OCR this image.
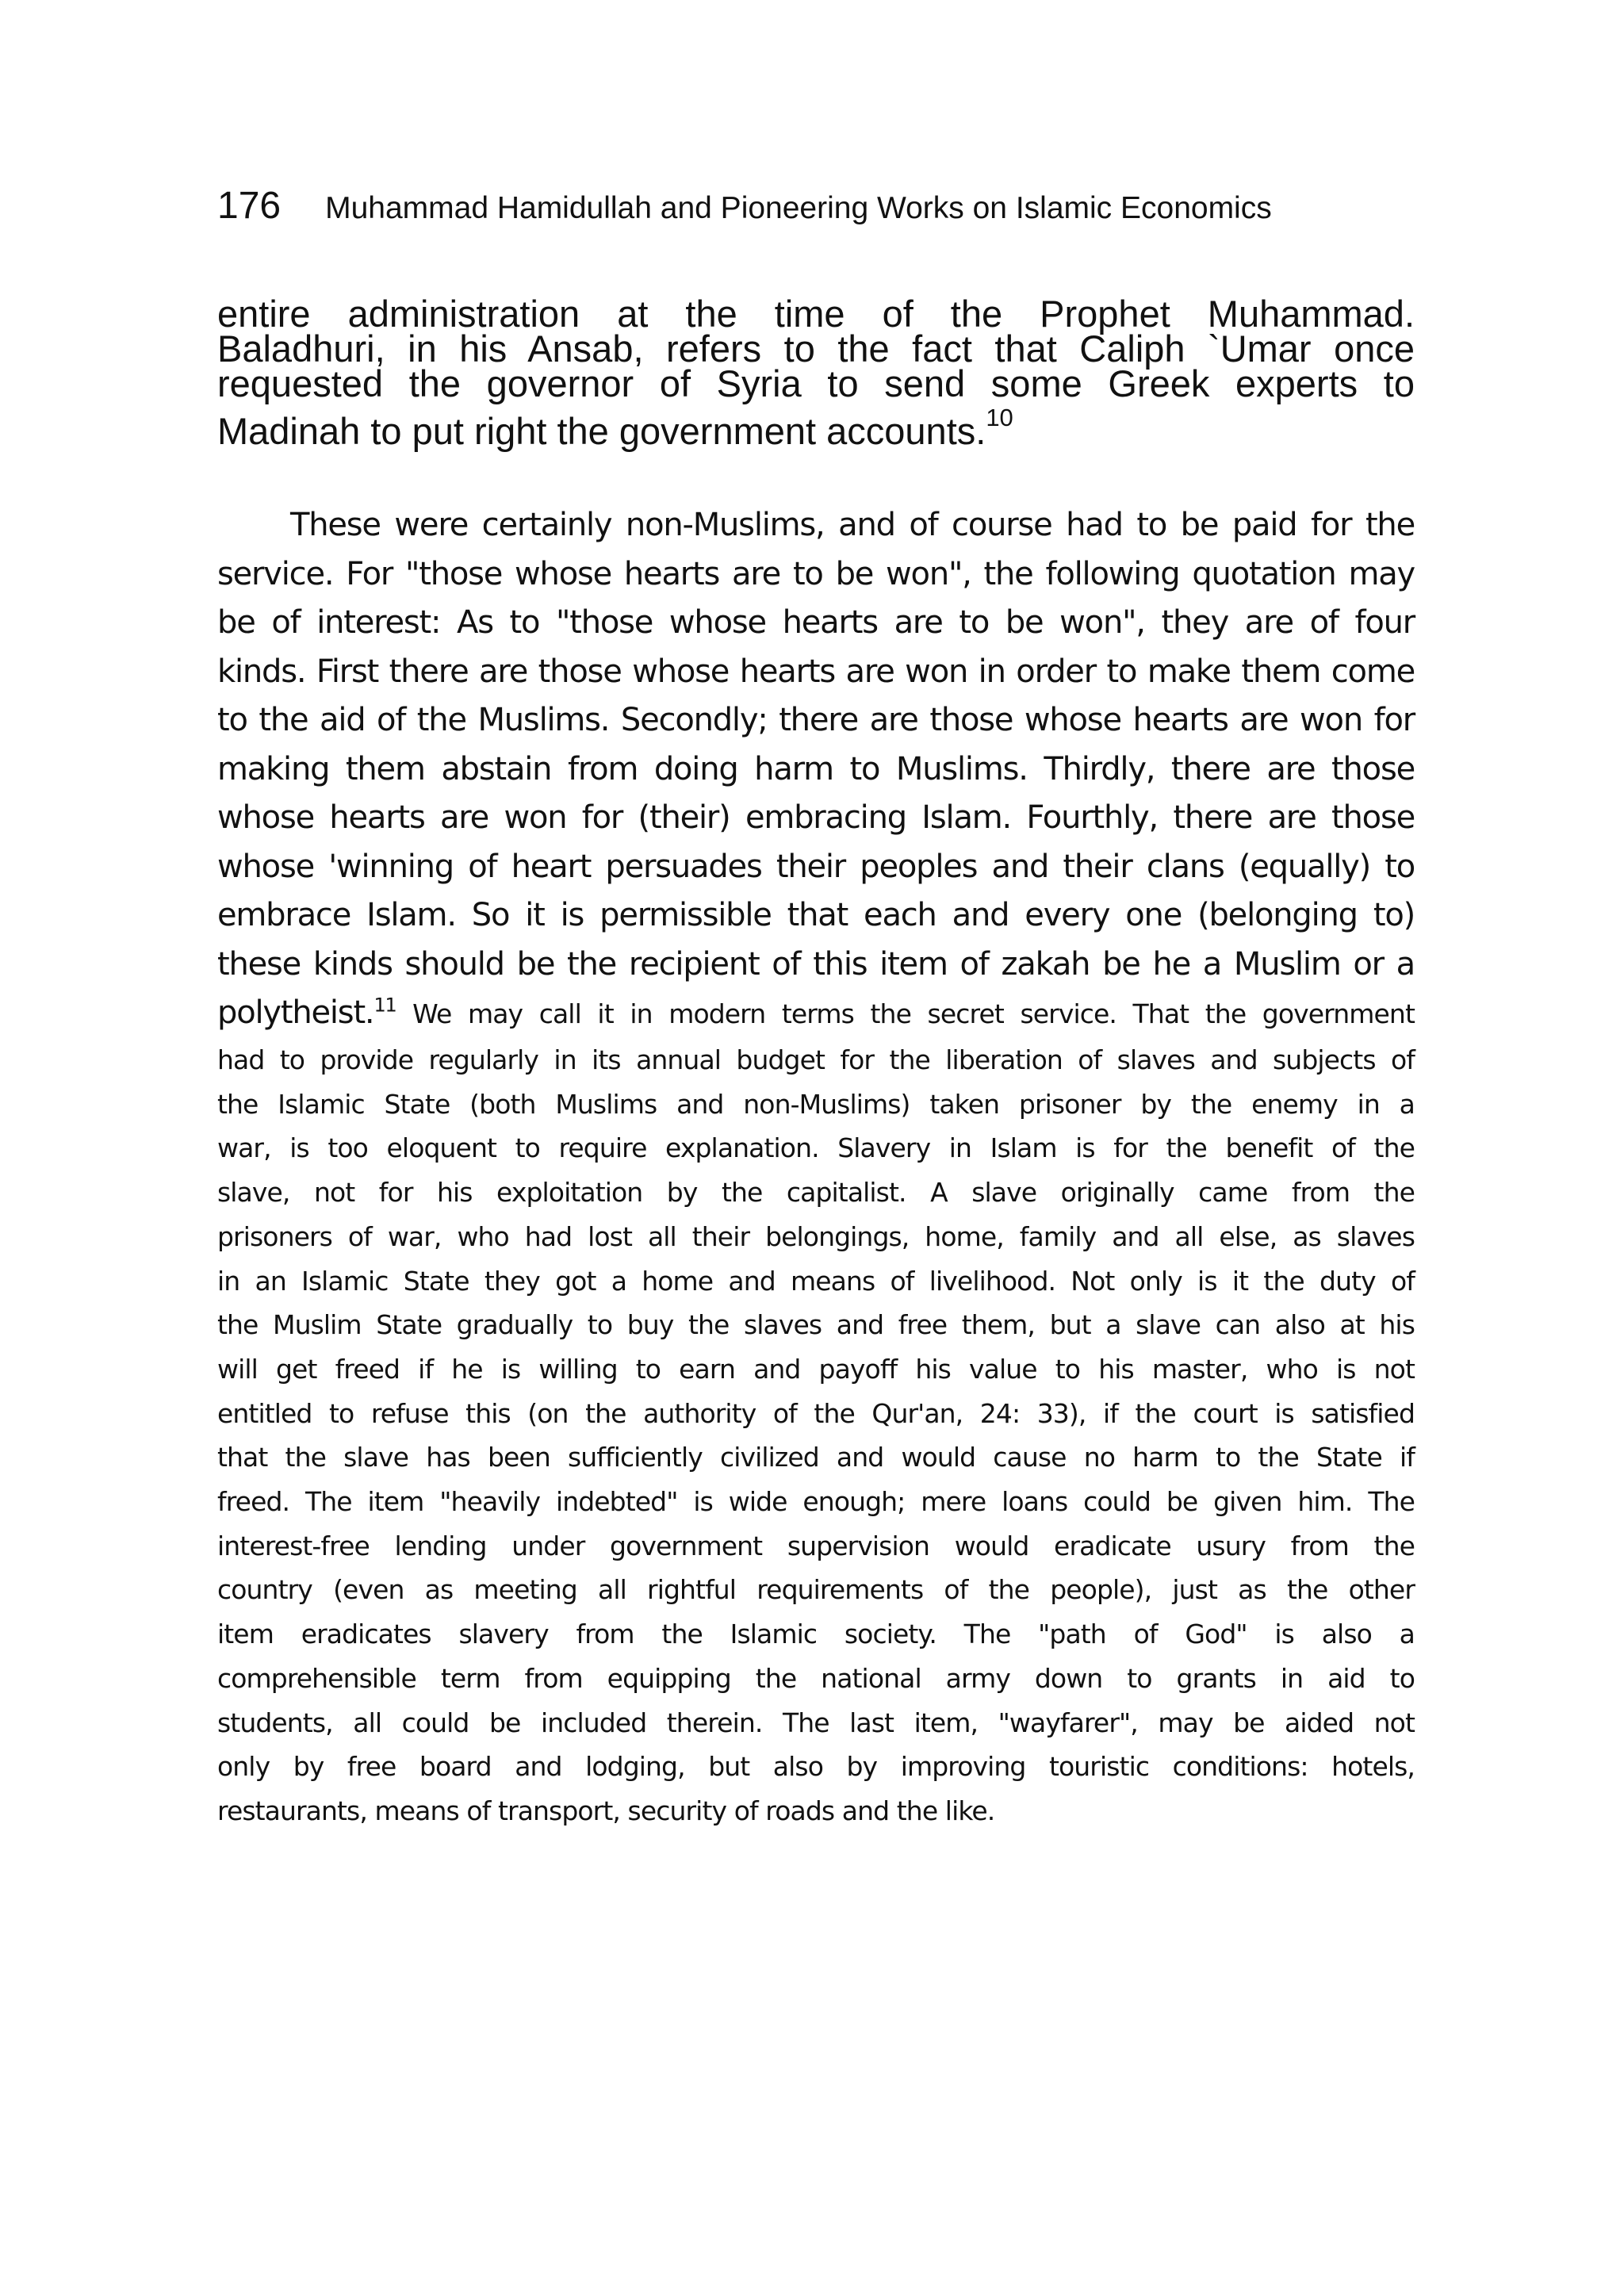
176 Muhammad Hamidullah and Pioneering Works on Islamic Economics
entire administration at the time of the Prophet Muhammad.
Baladhuri, in his Ansab, refers to the fact that Caliph `Umar once
requested the governor of Syria to send some Greek experts to
Madinah to put right the government accounts.$^{10}$
These were certainly non-Muslims, and of course had to be paid for the
service. For "those whose hearts are to be won", the following quotation may
be of interest: As to "those whose hearts are to be won", they are of four
kinds. First there are those whose hearts are won in order to make them come
to the aid of the Muslims. Secondly; there are those whose hearts are won for
making them abstain from doing harm to Muslims. Thirdly, there are those
whose hearts are won for (their) embracing Islam. Fourthly, there are those
whose 'winning of heart persuades their peoples and their clans (equally) to
embrace Islam. So it is permissible that each and every one (belonging to)
these kinds should be the recipient of this item of zakah be he a Muslim or a
polytheist.$^{11}$ We may call it in modern terms the secret service. That the government
had to provide regularly in its annual budget for the liberation of slaves and subjects of
the Islamic State (both Muslims and non-Muslims) taken prisoner by the enemy in a
war, is too eloquent to require explanation. Slavery in Islam is for the benefit of the
slave, not for his exploitation by the capitalist. A slave originally came from the
prisoners of war, who had lost all their belongings, home, family and all else, as slaves
in an Islamic State they got a home and means of livelihood. Not only is it the duty of
the Muslim State gradually to buy the slaves and free them, but a slave can also at his
will get freed if he is willing to earn and payoff his value to his master, who is not
entitled to refuse this (on the authority of the Qur'an, 24: 33), if the court is satisfied
that the slave has been sufficiently civilized and would cause no harm to the State if
freed. The item "heavily indebted" is wide enough; mere loans could be given him. The
interest-free lending under government supervision would eradicate usury from the
country (even as meeting all rightful requirements of the people), just as the other
item eradicates slavery from the Islamic society. The "path of God" is also a
comprehensible term from equipping the national army down to grants in aid to
students, all could be included therein. The last item, "wayfarer", may be aided not
only by free board and lodging, but also by improving touristic conditions: hotels,
restaurants, means of transport, security of roads and the like.
